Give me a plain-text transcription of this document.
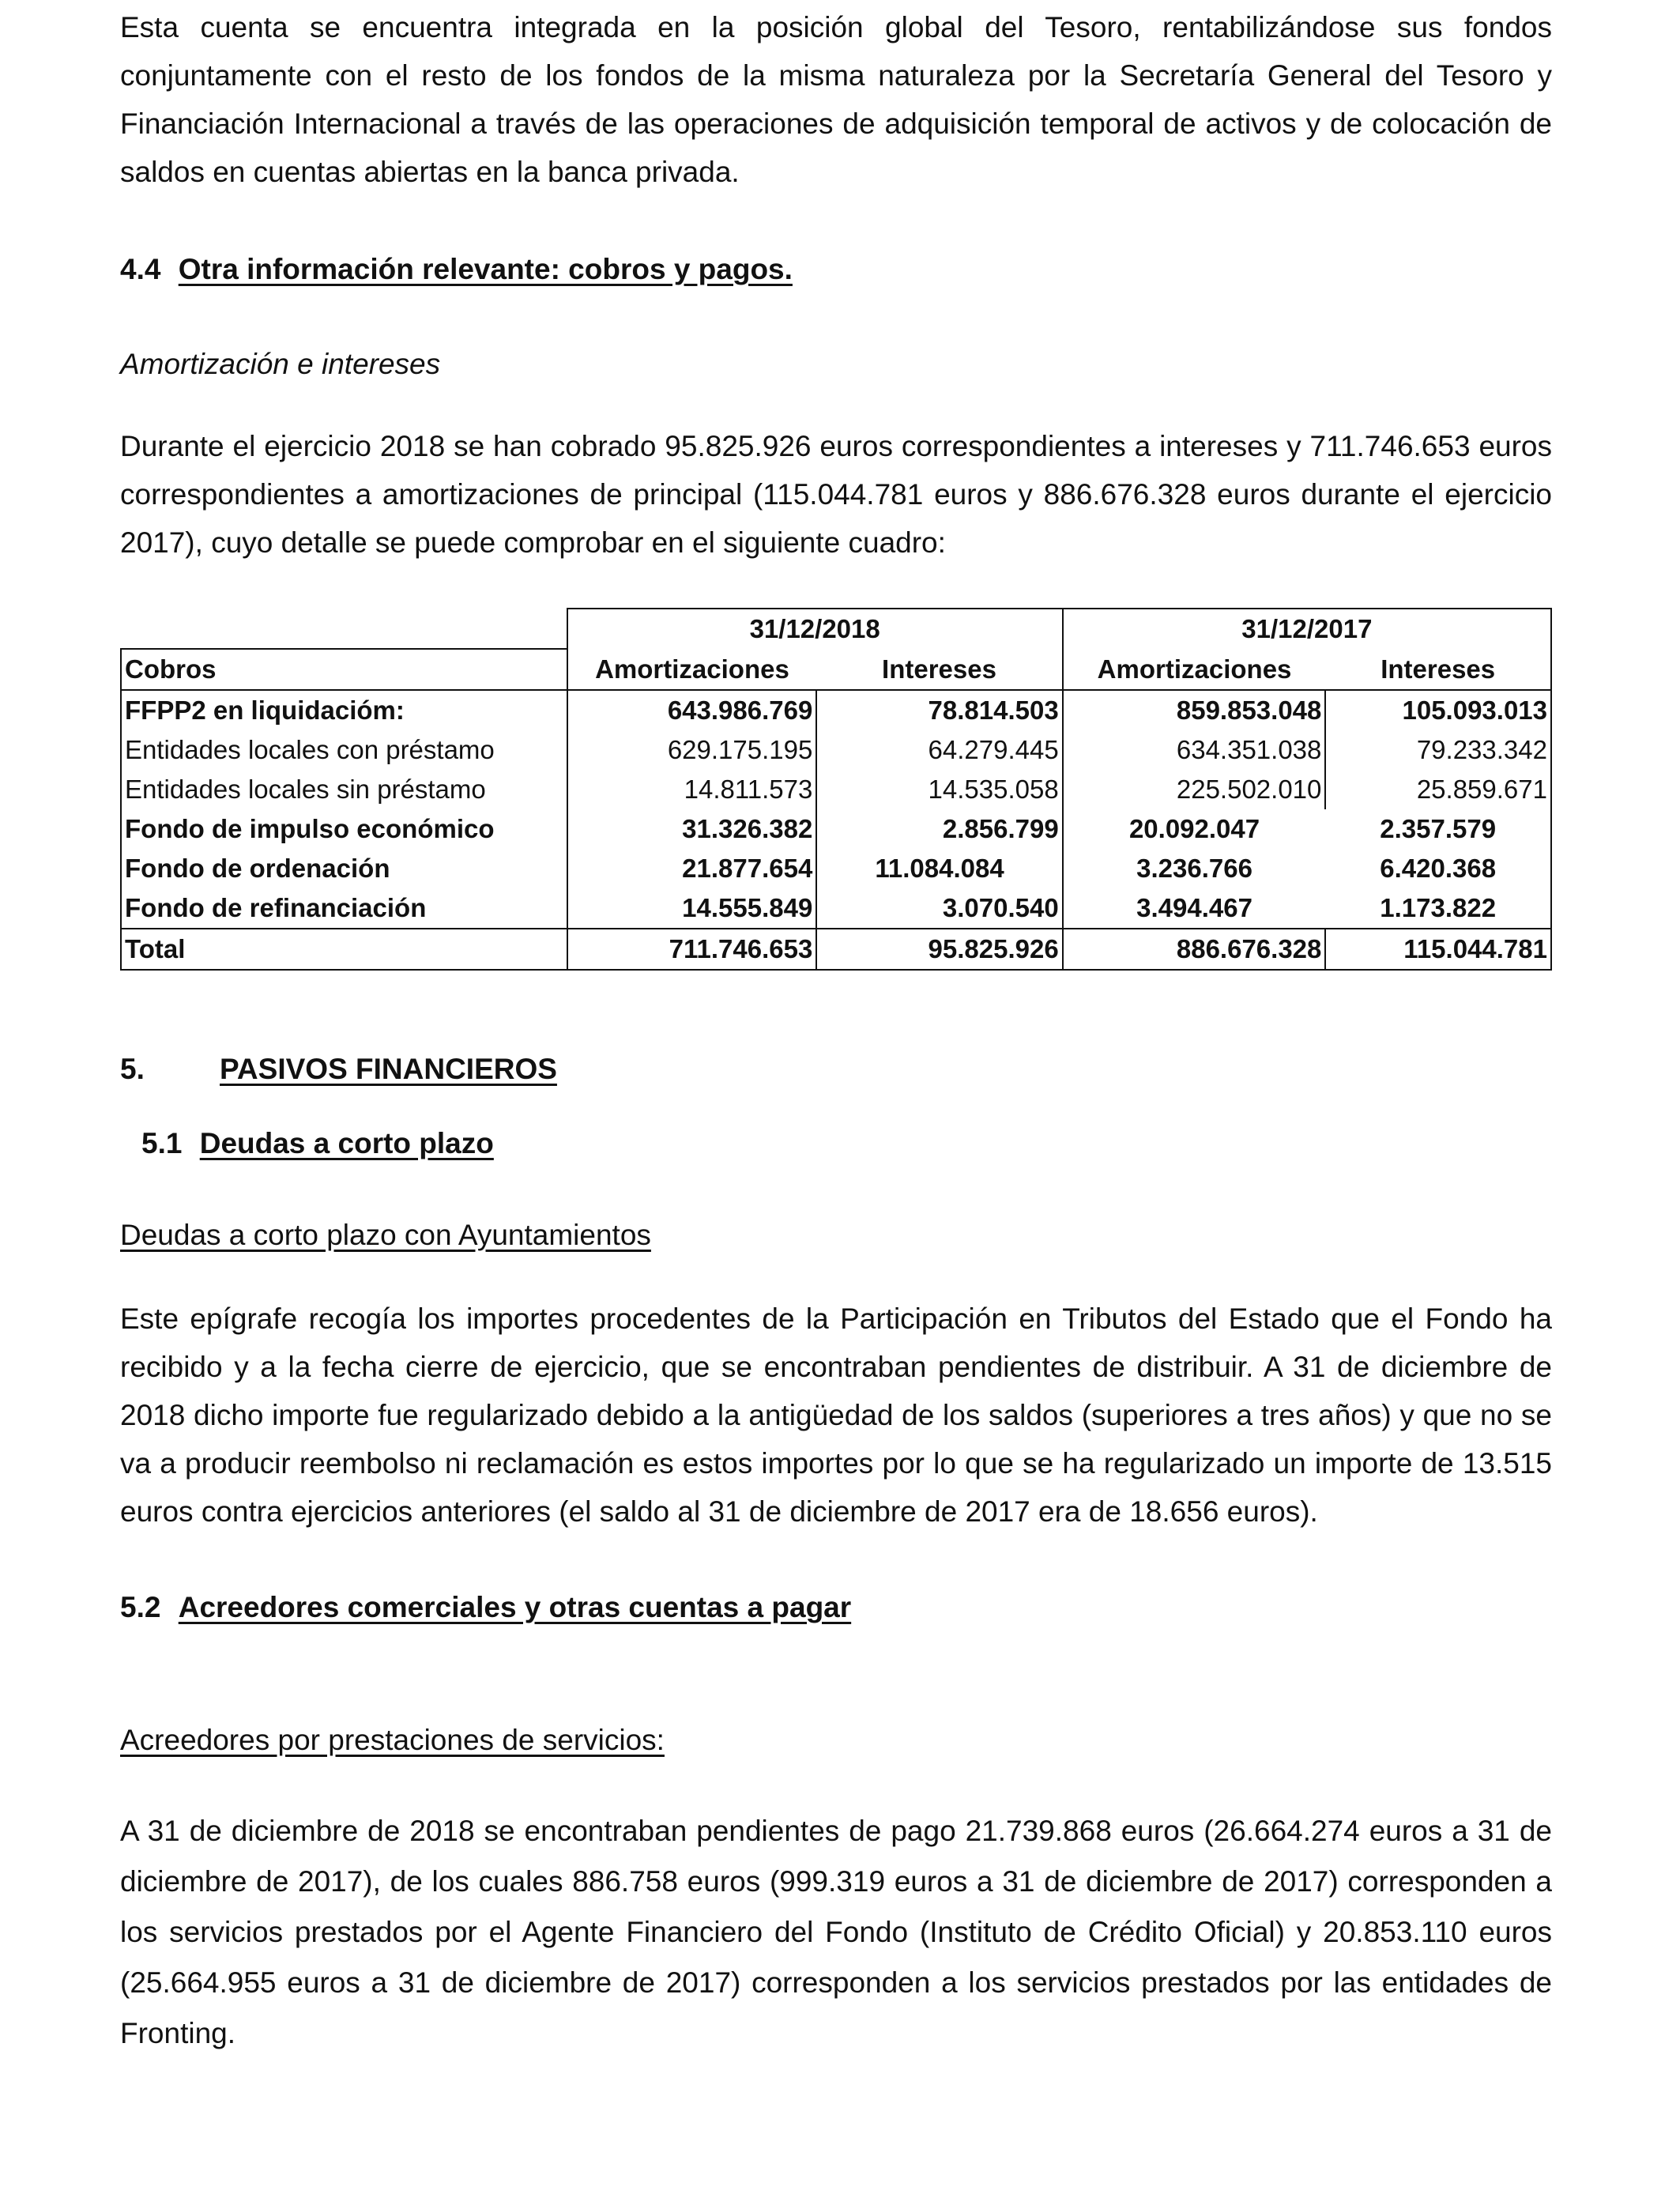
Esta cuenta se encuentra integrada en la posición global del Tesoro, rentabilizándose sus fondos conjuntamente con el resto de los fondos de la misma naturaleza por la Secretaría General del Tesoro y Financiación Internacional a través de las operaciones de adquisición temporal de activos y de colocación de saldos en cuentas abiertas en la banca privada.

4.4 Otra información relevante: cobros y pagos.

Amortización e intereses

Durante el ejercicio 2018 se han cobrado 95.825.926 euros correspondientes a intereses y 711.746.653 euros correspondientes a amortizaciones de principal (115.044.781 euros y 886.676.328 euros durante el ejercicio 2017), cuyo detalle se puede comprobar en el siguiente cuadro:

	31/12/2018		31/12/2017	
Cobros	Amortizaciones	Intereses	Amortizaciones	Intereses
FFPP2 en liquidacióm:	643.986.769	78.814.503	859.853.048	105.093.013
Entidades locales con préstamo	629.175.195	64.279.445	634.351.038	79.233.342
Entidades locales sin préstamo	14.811.573	14.535.058	225.502.010	25.859.671
Fondo de impulso económico	31.326.382	2.856.799	20.092.047	2.357.579
Fondo de ordenación	21.877.654	11.084.084	3.236.766	6.420.368
Fondo de refinanciación	14.555.849	3.070.540	3.494.467	1.173.822
Total	711.746.653	95.825.926	886.676.328	115.044.781

5.	PASIVOS FINANCIEROS

5.1 Deudas a corto plazo

Deudas a corto plazo con Ayuntamientos

Este epígrafe recogía los importes procedentes de la Participación en Tributos del Estado que el Fondo ha recibido y a la fecha cierre de ejercicio, que se encontraban pendientes de distribuir. A 31 de diciembre de 2018 dicho importe fue regularizado debido a la antigüedad de los saldos (superiores a tres años) y que no se va a producir reembolso ni reclamación es estos importes por lo que se ha regularizado un importe de 13.515 euros contra ejercicios anteriores (el saldo al 31 de diciembre de 2017 era de 18.656 euros).

5.2 Acreedores comerciales y otras cuentas a pagar

Acreedores por prestaciones de servicios:

A 31 de diciembre de 2018 se encontraban pendientes de pago 21.739.868 euros (26.664.274 euros a 31 de diciembre de 2017), de los cuales 886.758 euros (999.319 euros a 31 de diciembre de 2017) corresponden a los servicios prestados por el Agente Financiero del Fondo (Instituto de Crédito Oficial) y 20.853.110 euros (25.664.955 euros a 31 de diciembre de 2017) corresponden a los servicios prestados por las entidades de Fronting.
